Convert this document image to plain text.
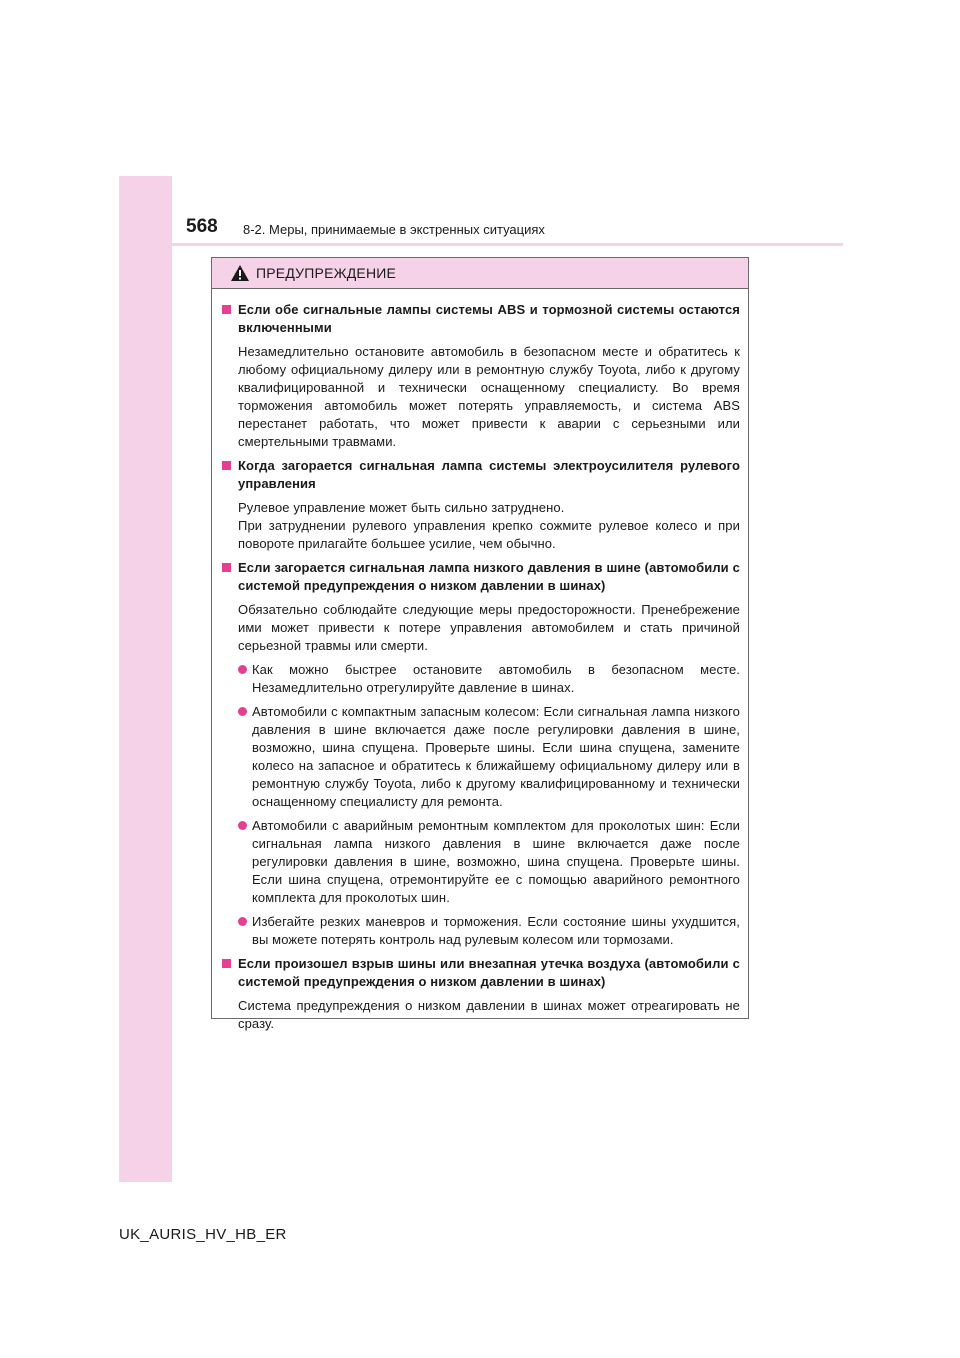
568 8-2. Меры, принимаемые в экстренных ситуациях
ПРЕДУПРЕЖДЕНИЕ
Если обе сигнальные лампы системы ABS и тормозной системы остаются включенными

Незамедлительно остановите автомобиль в безопасном месте и обратитесь к любому официальному дилеру или в ремонтную службу Toyota, либо к другому квалифицированной и технически оснащенному специалисту. Во время торможения автомобиль может потерять управляемость, и система ABS перестанет работать, что может привести к аварии с серьезными или смертельными травмами.

Когда загорается сигнальная лампа системы электроусилителя рулевого управления

Рулевое управление может быть сильно затруднено.

При затруднении рулевого управления крепко сожмите рулевое колесо и при повороте прилагайте большее усилие, чем обычно.

Если загорается сигнальная лампа низкого давления в шине (автомобили с системой предупреждения о низком давлении в шинах)

Обязательно соблюдайте следующие меры предосторожности. Пренебрежение ими может привести к потере управления автомобилем и стать причиной серьезной травмы или смерти.

Как можно быстрее остановите автомобиль в безопасном месте. Незамедлительно отрегулируйте давление в шинах.
Автомобили с компактным запасным колесом: Если сигнальная лампа низкого давления в шине включается даже после регулировки давления в шине, возможно, шина спущена. Проверьте шины. Если шина спущена, замените колесо на запасное и обратитесь к ближайшему официальному дилеру или в ремонтную службу Toyota, либо к другому квалифицированному и технически оснащенному специалисту для ремонта.
Автомобили с аварийным ремонтным комплектом для проколотых шин: Если сигнальная лампа низкого давления в шине включается даже после регулировки давления в шине, возможно, шина спущена. Проверьте шины. Если шина спущена, отремонтируйте ее с помощью аварийного ремонтного комплекта для проколотых шин.
Избегайте резких маневров и торможения. Если состояние шины ухудшится, вы можете потерять контроль над рулевым колесом или тормозами.
Если произошел взрыв шины или внезапная утечка воздуха (автомобили с системой предупреждения о низком давлении в шинах)

Система предупреждения о низком давлении в шинах может отреагировать не сразу.

UK_AURIS_HV_HB_ER
